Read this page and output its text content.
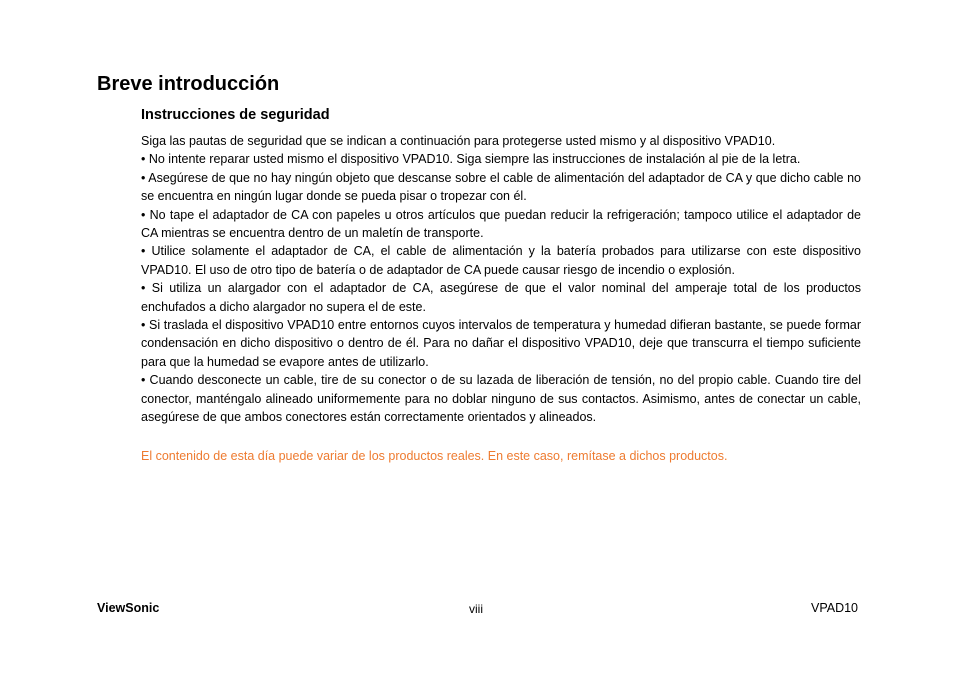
Breve introducción
Instrucciones de seguridad

Siga las pautas de seguridad que se indican a continuación para protegerse usted mismo y al dispositivo VPAD10.

• No intente reparar usted mismo el dispositivo VPAD10. Siga siempre las instrucciones de instalación al pie de la letra.

• Asegúrese de que no hay ningún objeto que descanse sobre el cable de alimentación del adaptador de CA y que dicho cable no se encuentra en ningún lugar donde se pueda pisar o tropezar con él.

• No tape el adaptador de CA con papeles u otros artículos que puedan reducir la refrigeración; tampoco utilice el adaptador de CA mientras se encuentra dentro de un maletín de transporte.

• Utilice solamente el adaptador de CA, el cable de alimentación y la batería probados para utilizarse con este dispositivo VPAD10. El uso de otro tipo de batería o de adaptador de CA puede causar riesgo de incendio o explosión.

• Si utiliza un alargador con el adaptador de CA, asegúrese de que el valor nominal del amperaje total de los productos enchufados a dicho alargador no supera el de este.

• Si traslada el dispositivo VPAD10 entre entornos cuyos intervalos de temperatura y humedad difieran bastante, se puede formar condensación en dicho dispositivo o dentro de él. Para no dañar el dispositivo VPAD10, deje que transcurra el tiempo suficiente para que la humedad se evapore antes de utilizarlo.

• Cuando desconecte un cable, tire de su conector o de su lazada de liberación de tensión, no del propio cable. Cuando tire del conector, manténgalo alineado uniformemente para no doblar ninguno de sus contactos. Asimismo, antes de conectar un cable, asegúrese de que ambos conectores están correctamente orientados y alineados.

El contenido de esta día puede variar de los productos reales. En este caso, remítase a dichos productos.

ViewSonic	viii	VPAD10
